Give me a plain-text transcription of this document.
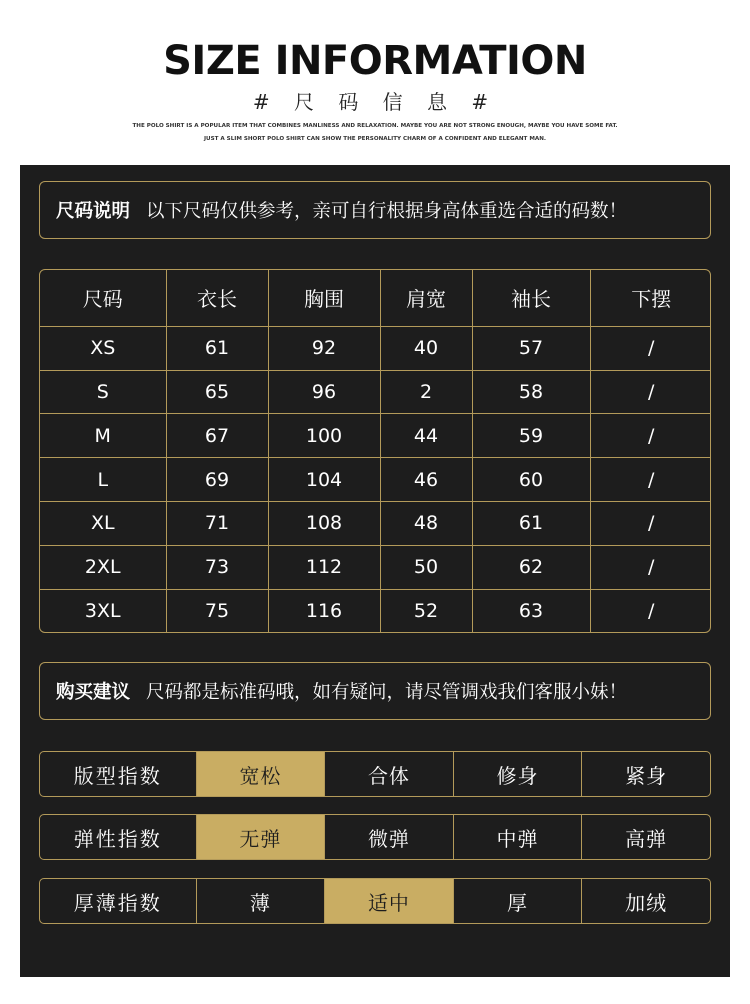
SIZE INFORMATION
# 尺 码 信 息 #
THE POLO SHIRT IS A POPULAR ITEM THAT COMBINES MANLINESS AND RELAXATION. MAYBE YOU ARE NOT STRONG ENOUGH, MAYBE YOU HAVE SOME FAT.
JUST A SLIM SHORT POLO SHIRT CAN SHOW THE PERSONALITY CHARM OF A CONFIDENT AND ELEGANT MAN.
尺码说明 以下尺码仅供参考，亲可自行根据身高体重选合适的码数！
尺码	衣长	胸围	肩宽	袖长	下摆
XS	61	92	40	57	/
S	65	96	2	58	/
M	67	100	44	59	/
L	69	104	46	60	/
XL	71	108	48	61	/
2XL	73	112	50	62	/
3XL	75	116	52	63	/
购买建议 尺码都是标准码哦，如有疑问，请尽管调戏我们客服小妹！
版型指数	宽松	合体	修身	紧身
弹性指数	无弹	微弹	中弹	高弹
厚薄指数	薄	适中	厚	加绒
